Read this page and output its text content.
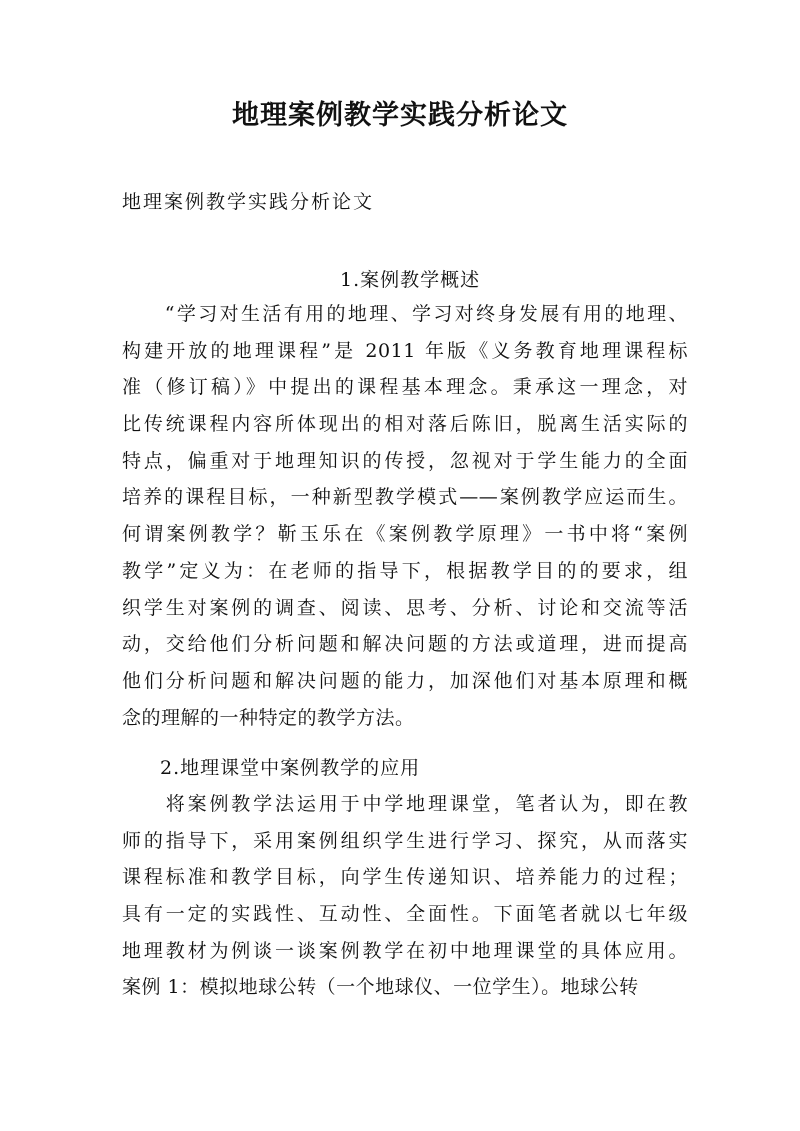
地理案例教学实践分析论文
地理案例教学实践分析论文
1.案例教学概述
　　“学习对生活有用的地理、学习对终身发展有用的地理、
构建开放的地理课程”是 2011 年版《义务教育地理课程标
准（修订稿）》中提出的课程基本理念。秉承这一理念，对
比传统课程内容所体现出的相对落后陈旧，脱离生活实际的
特点，偏重对于地理知识的传授，忽视对于学生能力的全面
培养的课程目标，一种新型教学模式——案例教学应运而生。
何谓案例教学？靳玉乐在《案例教学原理》一书中将“案例
教学”定义为：在老师的指导下，根据教学目的的要求，组
织学生对案例的调查、阅读、思考、分析、讨论和交流等活
动，交给他们分析问题和解决问题的方法或道理，进而提高
他们分析问题和解决问题的能力，加深他们对基本原理和概
念的理解的一种特定的教学方法。
2.地理课堂中案例教学的应用
　　将案例教学法运用于中学地理课堂，笔者认为，即在教
师的指导下，采用案例组织学生进行学习、探究，从而落实
课程标准和教学目标，向学生传递知识、培养能力的过程；
具有一定的实践性、互动性、全面性。下面笔者就以七年级
地理教材为例谈一谈案例教学在初中地理课堂的具体应用。
案例 1：模拟地球公转（一个地球仪、一位学生）。地球公转
